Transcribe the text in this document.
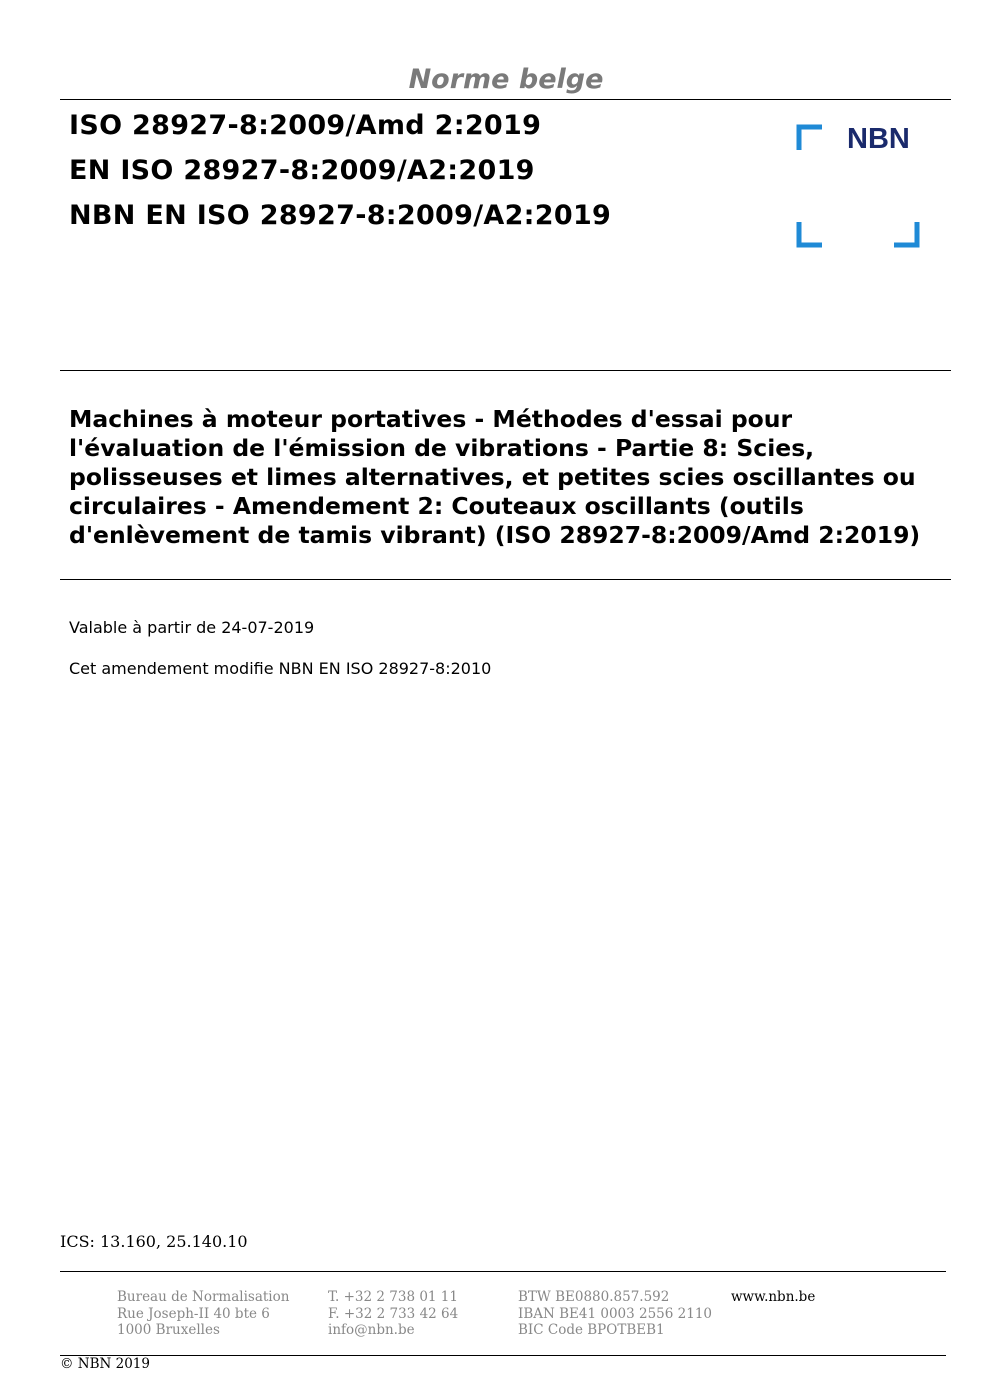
Norme belge
ISO 28927-8:2009/Amd 2:2019
EN ISO 28927-8:2009/A2:2019
NBN EN ISO 28927-8:2009/A2:2019
NBN
Machines à moteur portatives - Méthodes d'essai pour l'évaluation de l'émission de vibrations - Partie 8: Scies, polisseuses et limes alternatives, et petites scies oscillantes ou circulaires - Amendement 2: Couteaux oscillants (outils d'enlèvement de tamis vibrant) (ISO 28927-8:2009/Amd 2:2019)
Valable à partir de 24-07-2019
Cet amendement modifie NBN EN ISO 28927-8:2010
ICS: 13.160, 25.140.10
Bureau de Normalisation
Rue Joseph-II 40 bte 6
1000 Bruxelles
T. +32 2 738 01 11
F. +32 2 733 42 64
info@nbn.be
BTW BE0880.857.592
IBAN BE41 0003 2556 2110
BIC Code BPOTBEB1
www.nbn.be
© NBN 2019
